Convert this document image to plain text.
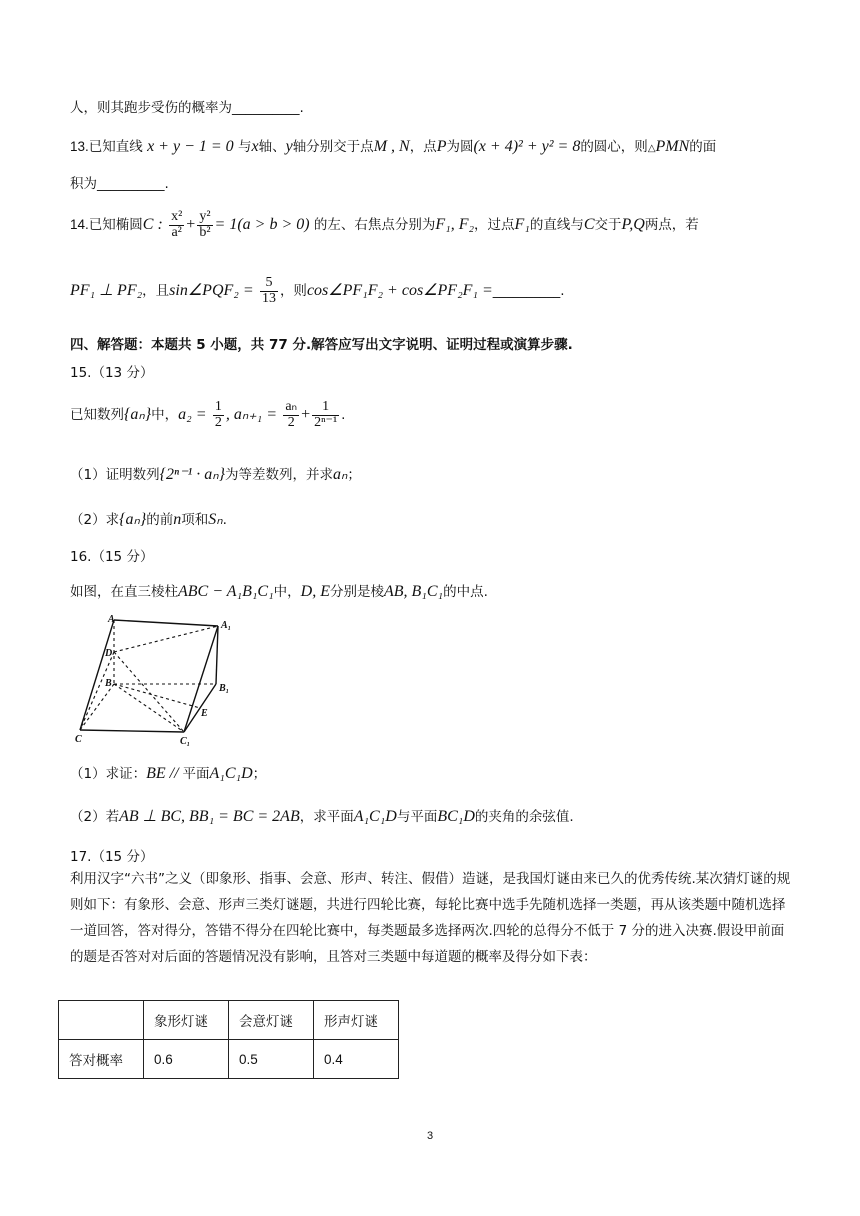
人，则其跑步受伤的概率为__________.
13.已知直线 x + y − 1 = 0 与x轴、y轴分别交于点M , N，点P为圆(x + 4)² + y² = 8的圆心，则△PMN的面
积为__________.
14.已知椭圆C : $\frac{\text{x²}}{\text{a²}} + \frac{\text{y²}}{\text{b²}} = 1(a > b > 0)$ 的左、右焦点分别为F₁, F₂，过点F₁的直线与C交于P,Q两点，若
PF₁ ⊥ PF₂，且sin∠PQF₂ = $\frac{5}{13}$ ，则cos∠PF₁F₂ + cos∠PF₂F₁ =__________.
四、解答题：本题共 5 小题，共 77 分.解答应写出文字说明、证明过程或演算步骤.
15.（13 分）
已知数列{aₙ}中，$a_2 = \frac{1}{2}$ , $a_{n+1} = \frac{\text{aₙ}}{2} + \frac{1}{\text{2ⁿ⁻¹}}$ .
（1）证明数列{2ⁿ⁻¹ · aₙ}为等差数列，并求aₙ；
（2）求{aₙ}的前n项和Sₙ.
16.（15 分）
如图，在直三棱柱ABC − A₁B₁C₁中，D, E分别是棱AB, B₁C₁的中点.
A
A₁
D
B	B₁
E
C	C₁
（1）求证：BE // 平面A₁C₁D；
（2）若AB ⊥ BC, BB₁ = BC = 2AB，求平面A₁C₁D与平面BC₁D的夹角的余弦值.
17.（15 分）
利用汉字“六书”之义（即象形、指事、会意、形声、转注、假借）造谜，是我国灯谜由来已久的优秀传统.某次猜灯谜的规则如下：有象形、会意、形声三类灯谜题，共进行四轮比赛，每轮比赛中选手先随机选择一类题，再从该类题中随机选择一道回答，答对得分，答错不得分在四轮比赛中，每类题最多选择两次.四轮的总得分不低于 7 分的进入决赛.假设甲前面的题是否答对对后面的答题情况没有影响，且答对三类题中每道题的概率及得分如下表：
	象形灯谜	会意灯谜	形声灯谜
答对概率	0.6	0.5	0.4
3
